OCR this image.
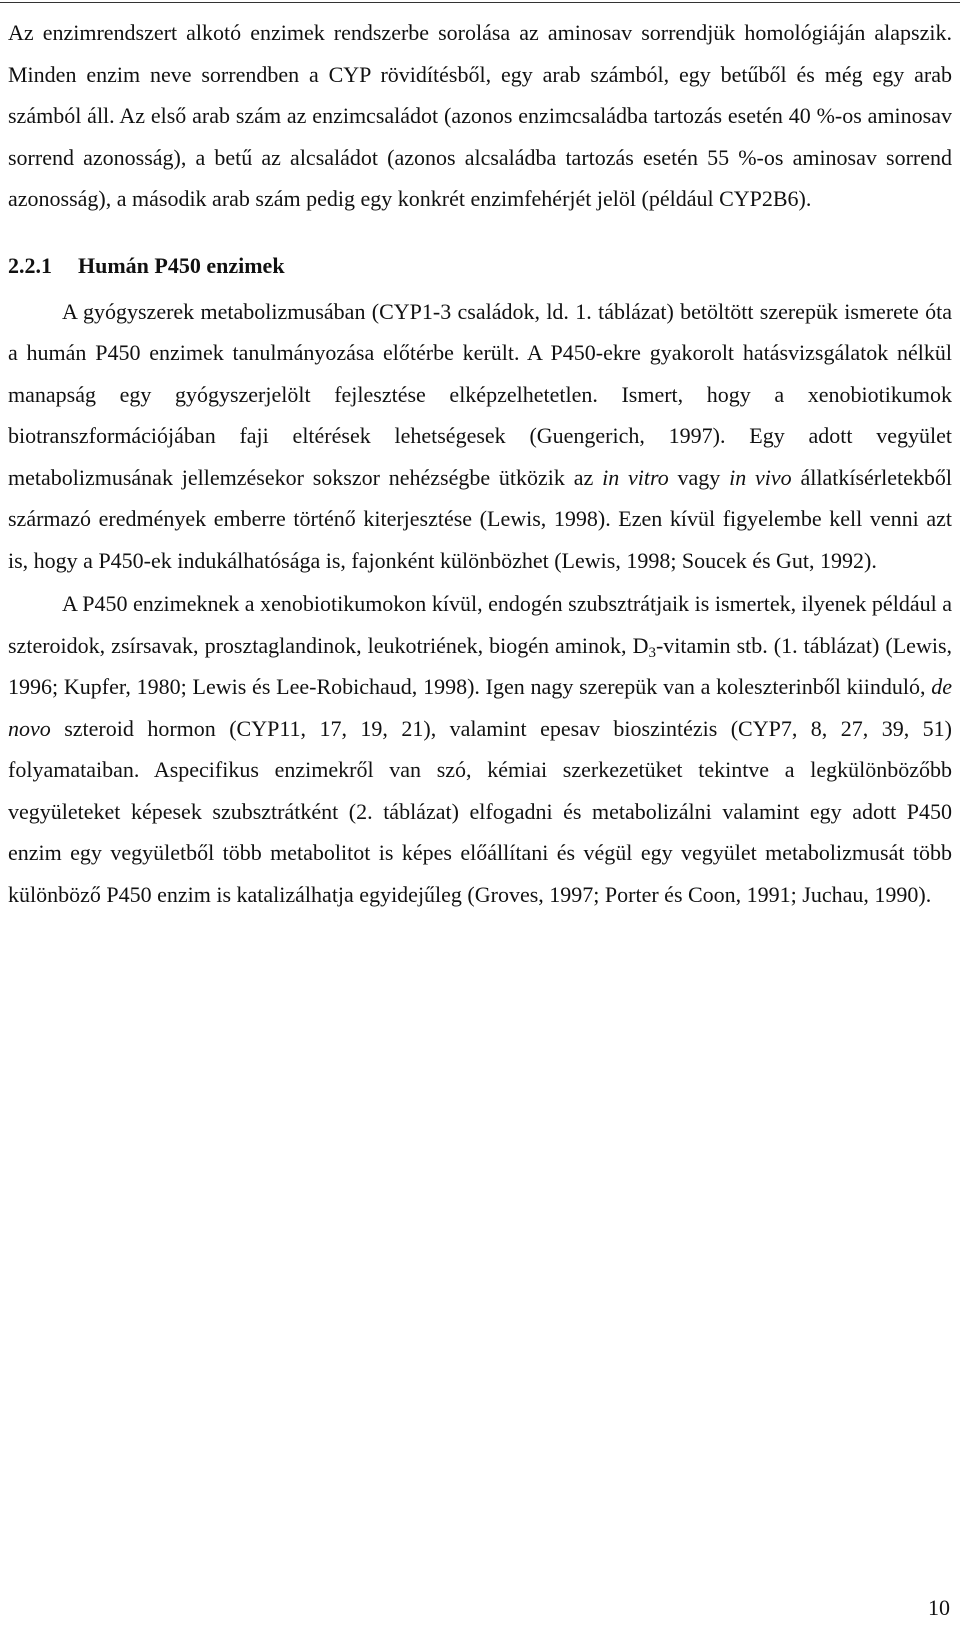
Az enzimrendszert alkotó enzimek rendszerbe sorolása az aminosav sorrendjük homológiáján alapszik. Minden enzim neve sorrendben a CYP rövidítésből, egy arab számból, egy betűből és még egy arab számból áll. Az első arab szám az enzimcsaládot (azonos enzimcsaládba tartozás esetén 40 %-os aminosav sorrend azonosság), a betű az alcsaládot (azonos alcsaládba tartozás esetén 55 %-os aminosav sorrend azonosság), a második arab szám pedig egy konkrét enzimfehérjét jelöl (például CYP2B6).

2.2.1 Humán P450 enzimek

A gyógyszerek metabolizmusában (CYP1-3 családok, ld. 1. táblázat) betöltött szerepük ismerete óta a humán P450 enzimek tanulmányozása előtérbe került. A P450-ekre gyakorolt hatásvizsgálatok nélkül manapság egy gyógyszerjelölt fejlesztése elképzelhetetlen. Ismert, hogy a xenobiotikumok biotranszformációjában faji eltérések lehetségesek (Guengerich, 1997). Egy adott vegyület metabolizmusának jellemzésekor sokszor nehézségbe ütközik az in vitro vagy in vivo állatkísérletekből származó eredmények emberre történő kiterjesztése (Lewis, 1998). Ezen kívül figyelembe kell venni azt is, hogy a P450-ek indukálhatósága is, fajonként különbözhet (Lewis, 1998; Soucek és Gut, 1992).

A P450 enzimeknek a xenobiotikumokon kívül, endogén szubsztrátjaik is ismertek, ilyenek például a szteroidok, zsírsavak, prosztaglandinok, leukotriének, biogén aminok, $D_3$-vitamin stb. (1. táblázat) (Lewis, 1996; Kupfer, 1980; Lewis és Lee-Robichaud, 1998). Igen nagy szerepük van a koleszterinből kiinduló, de novo szteroid hormon (CYP11, 17, 19, 21), valamint epesav bioszintézis (CYP7, 8, 27, 39, 51) folyamataiban. Aspecifikus enzimekről van szó, kémiai szerkezetüket tekintve a legkülönbözőbb vegyületeket képesek szubsztrátként (2. táblázat) elfogadni és metabolizálni valamint egy adott P450 enzim egy vegyületből több metabolitot is képes előállítani és végül egy vegyület metabolizmusát több különböző P450 enzim is katalizálhatja egyidejűleg (Groves, 1997; Porter és Coon, 1991; Juchau, 1990).

10
